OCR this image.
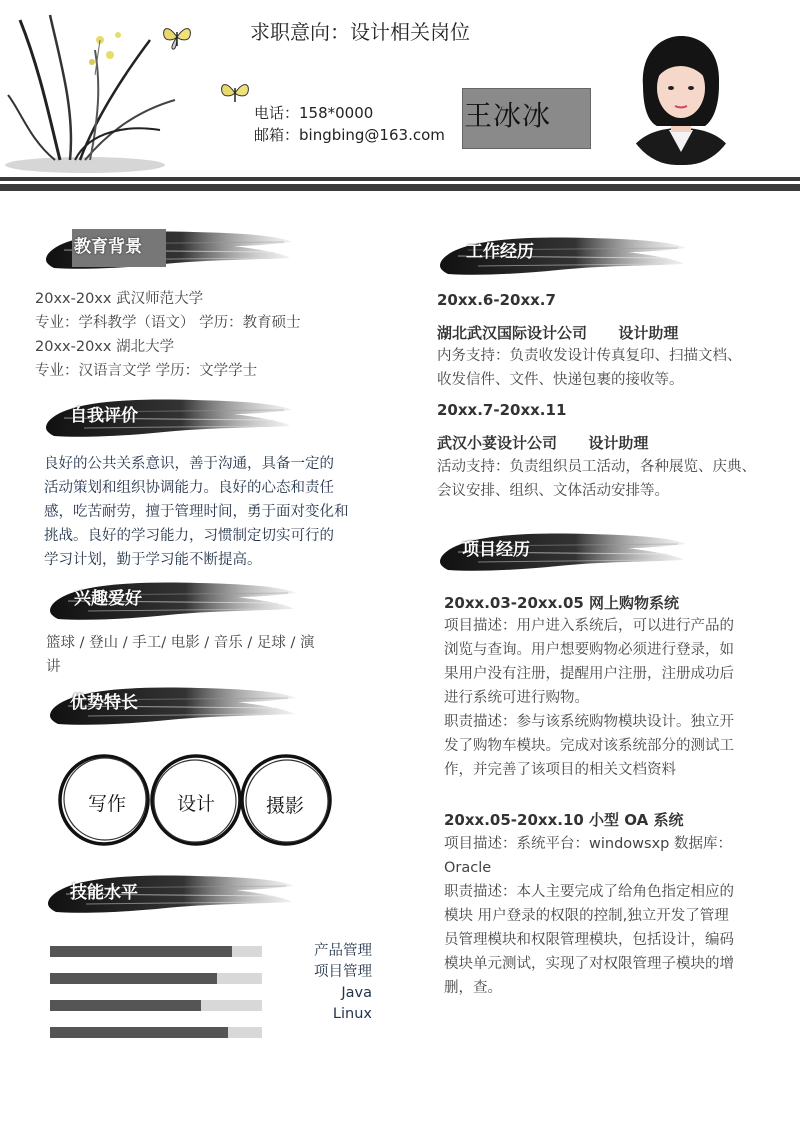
求职意向：设计相关岗位
电话：158*0000
邮箱：bingbing@163.com
王冰冰
教育背景
20xx-20xx 武汉师范大学
专业：学科教学（语文） 学历：教育硕士
20xx-20xx 湖北大学
专业：汉语言文学 学历：文学学士
自我评价
良好的公共关系意识，善于沟通，具备一定的
活动策划和组织协调能力。良好的心态和责任
感，吃苦耐劳，擅于管理时间，勇于面对变化和
挑战。良好的学习能力，习惯制定切实可行的
学习计划，勤于学习能不断提高。
兴趣爱好
篮球 / 登山 / 手工/ 电影 / 音乐 / 足球 / 演
讲
优势特长
写作	设计	摄影
技能水平
产品管理
项目管理
Java
Linux
工作经历
20xx.6-20xx.7
湖北武汉国际设计公司      设计助理
内务支持：负责收发设计传真复印、扫描文档、
收发信件、文件、快递包裹的接收等。
20xx.7-20xx.11
武汉小荽设计公司      设计助理
活动支持：负责组织员工活动，各种展览、庆典、
会议安排、组织、文体活动安排等。
项目经历
20xx.03-20xx.05 网上购物系统
项目描述：用户进入系统后，可以进行产品的
浏览与查询。用户想要购物必须进行登录，如
果用户没有注册，提醒用户注册，注册成功后
进行系统可进行购物。
职责描述：参与该系统购物模块设计。独立开
发了购物车模块。完成对该系统部分的测试工
作，并完善了该项目的相关文档资料
20xx.05-20xx.10 小型 OA 系统
项目描述：系统平台：windowsxp 数据库：
Oracle
职责描述：本人主要完成了给角色指定相应的
模块 用户登录的权限的控制,独立开发了管理
员管理模块和权限管理模块，包括设计，编码
模块单元测试，实现了对权限管理子模块的增
删，查。
